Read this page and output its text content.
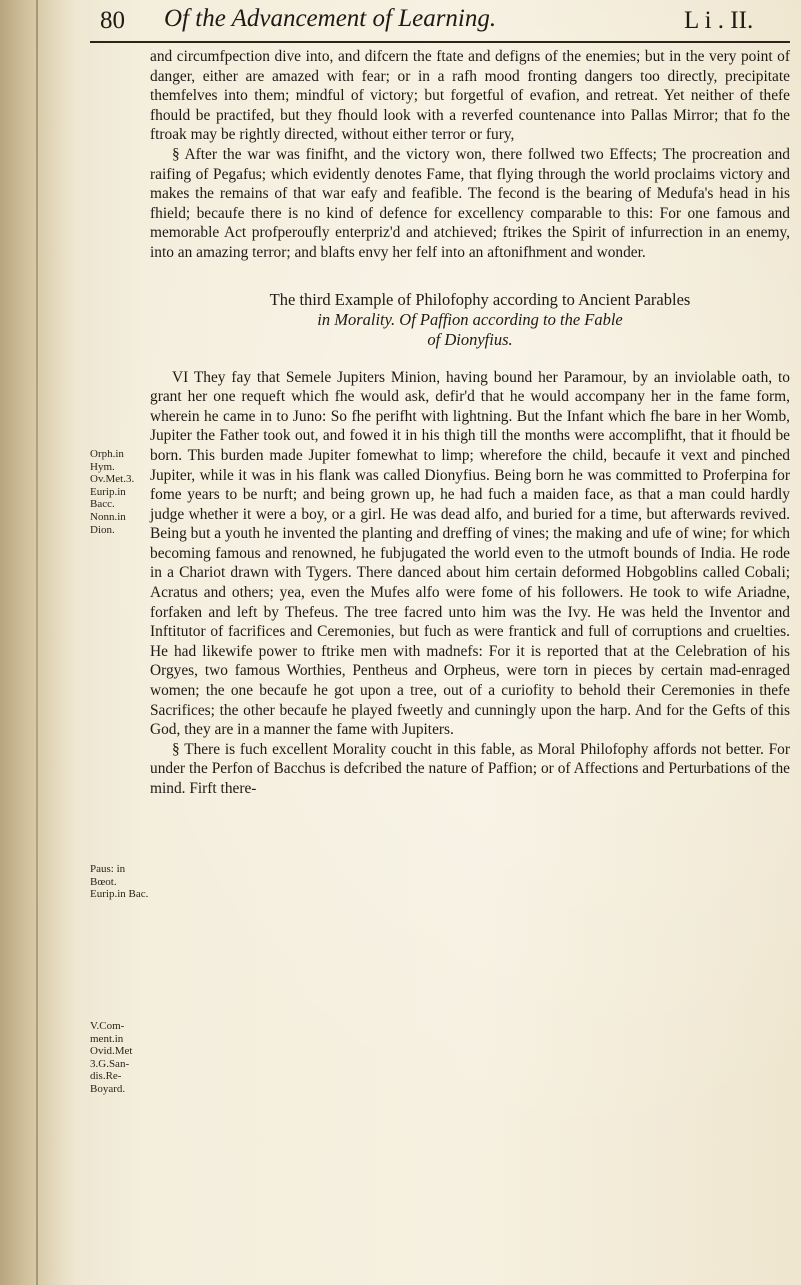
80 Of the Advancement of Learning.	L i . II.

and circumfpection dive into, and difcern the ftate and defigns of the enemies; but in the very point of danger, either are amazed with fear; or in a rafh mood fronting dangers too directly, precipitate themfelves into them; mindful of victory; but forgetful of evafion, and retreat. Yet neither of thefe fhould be practifed, but they fhould look with a reverfed countenance into Pallas Mirror; that fo the ftroak may be rightly directed, without either terror or fury,

§ After the war was finifht, and the victory won, there follwed two Effects; The procreation and raifing of Pegafus; which evidently denotes Fame, that flying through the world proclaims victory and makes the remains of that war eafy and feafible. The fecond is the bearing of Medufa's head in his fhield; becaufe there is no kind of defence for excellency comparable to this: For one famous and memorable Act profperoufly enterpriz'd and atchieved; ftrikes the Spirit of infurrection in an enemy, into an amazing terror; and blafts envy her felf into an aftonifhment and wonder.

The third Example of Philofophy according to Ancient Parables
in Morality. Of Paffion according to the Fable
of Dionyfius.

VI They fay that Semele Jupiters Minion, having bound her Paramour, by an inviolable oath, to grant her one requeft which fhe would ask, defir'd that he would accompany her in the fame form, wherein he came in to Juno: So fhe perifht with lightning. But the Infant which fhe bare in her Womb, Jupiter the Father took out, and fowed it in his thigh till the months were accomplifht, that it fhould be born. This burden made Jupiter fomewhat to limp; wherefore the child, becaufe it vext and pinched Jupiter, while it was in his flank was called Dionyfius. Being born he was committed to Proferpina for fome years to be nurft; and being grown up, he had fuch a maiden face, as that a man could hardly judge whether it were a boy, or a girl. He was dead alfo, and buried for a time, but afterwards revived. Being but a youth he invented the planting and dreffing of vines; the making and ufe of wine; for which becoming famous and renowned, he fubjugated the world even to the utmoft bounds of India. He rode in a Chariot drawn with Tygers. There danced about him certain deformed Hobgoblins called Cobali; Acratus and others; yea, even the Mufes alfo were fome of his followers. He took to wife Ariadne, forfaken and left by Thefeus. The tree facred unto him was the Ivy. He was held the Inventor and Inftitutor of facrifices and Ceremonies, but fuch as were frantick and full of corruptions and cruelties. He had likewife power to ftrike men with madnefs: For it is reported that at the Celebration of his Orgyes, two famous Worthies, Pentheus and Orpheus, were torn in pieces by certain mad-enraged women; the one becaufe he got upon a tree, out of a curiofity to behold their Ceremonies in thefe Sacrifices; the other becaufe he played fweetly and cunningly upon the harp. And for the Gefts of this God, they are in a manner the fame with Jupiters.

§ There is fuch excellent Morality coucht in this fable, as Moral Philofophy affords not better. For under the Perfon of Bacchus is defcribed the nature of Paffion; or of Affections and Perturbations of the mind. Firft there-

Orph.in Hym. Ov.Met.3. Eurip.in Bacc. Nonn.in Dion.
Paus: in Bœot. Eurip.in Bac.
V.Com-ment.in Ovid.Met 3.G.San-dis.Re-Boyard.
